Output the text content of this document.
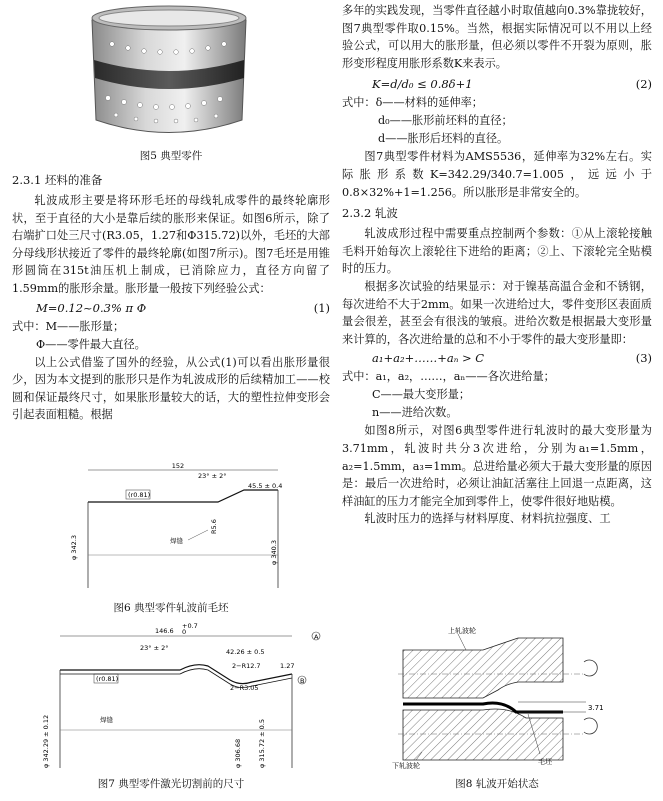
图5 典型零件

2.3.1 坯料的准备

轧波成形主要是将环形毛坯的母线轧成零件的最终轮廓形状，至于直径的大小是靠后续的胀形来保证。如图6所示，除了右端扩口处三尺寸(R3.05，1.27和Φ315.72)以外，毛坯的大部分母线形状接近了零件的最终轮廓(如图7所示)。图7毛坯是用锥形圆筒在315t油压机上制成，已消除应力，直径方向留了1.59mm的胀形余量。胀形量一般按下列经验公式：

M=0.12~0.3% π Φ	(1)
式中：M——胀形量；
Φ——零件最大直径。

以上公式借鉴了国外的经验，从公式(1)可以看出胀形量很少，因为本文提到的胀形只是作为轧波成形的后续精加工——校圆和保证最终尺寸，如果胀形量较大的话，大的塑性拉伸变形会引起表面粗糙。根据

152
23° ± 2°
45.5 ± 0.4
(r0.81)
焊缝
φ 342.3	φ 340.3
R5.6

图6 典型零件轧波前毛坯

146.6
+0.7
0
23° ± 2°	42.26 ± 0.5
2−R12.7	1.27
(r0.81)
2−R3.05
焊缝
φ 342.29 ± 0.12	φ 306.68 φ 315.72 ± 0.5
A
B

图7 典型零件激光切割前的尺寸

多年的实践发现，当零件直径越小时取值越向0.3%靠拢较好，图7典型零件取0.15%。当然，根据实际情况可以不用以上经验公式，可以用大的胀形量，但必须以零件不开裂为原则，胀形变形程度用胀形系数K来表示。

K=d/d₀ ≤ 0.8δ+1	(2)
式中：δ——材料的延伸率；
d₀——胀形前坯料的直径；
d——胀形后坯料的直径。

图7典型零件材料为AMS5536，延伸率为32%左右。实际胀形系数K=342.29/340.7=1.005，远远小于0.8×32%+1=1.256。所以胀形是非常安全的。

2.3.2 轧波

轧波成形过程中需要重点控制两个参数：①从上滚轮接触毛料开始每次上滚轮往下进给的距离；②上、下滚轮完全贴模时的压力。

根据多次试验的结果显示：对于镍基高温合金和不锈钢，每次进给不大于2mm。如果一次进给过大，零件变形区表面质量会很差，甚至会有很浅的皱痕。进给次数是根据最大变形量来计算的，各次进给量的总和不小于零件的最大变形量即：

a₁+a₂+……+aₙ > C	(3)
式中：a₁，a₂，……，aₙ——各次进给量；
C——最大变形量；
n——进给次数。

如图8所示，对图6典型零件进行轧波时的最大变形量为3.71mm，轧波时共分3次进给，分别为a₁=1.5mm，a₂=1.5mm，a₃=1mm。总进给量必须大于最大变形量的原因是：最后一次进给时，必须让油缸活塞往上回退一点距离，这样油缸的压力才能完全加到零件上，使零件很好地贴模。

轧波时压力的选择与材料厚度、材料抗拉强度、工

3.71
上轧波轮
下轧波轮	毛坯

图8 轧波开始状态
